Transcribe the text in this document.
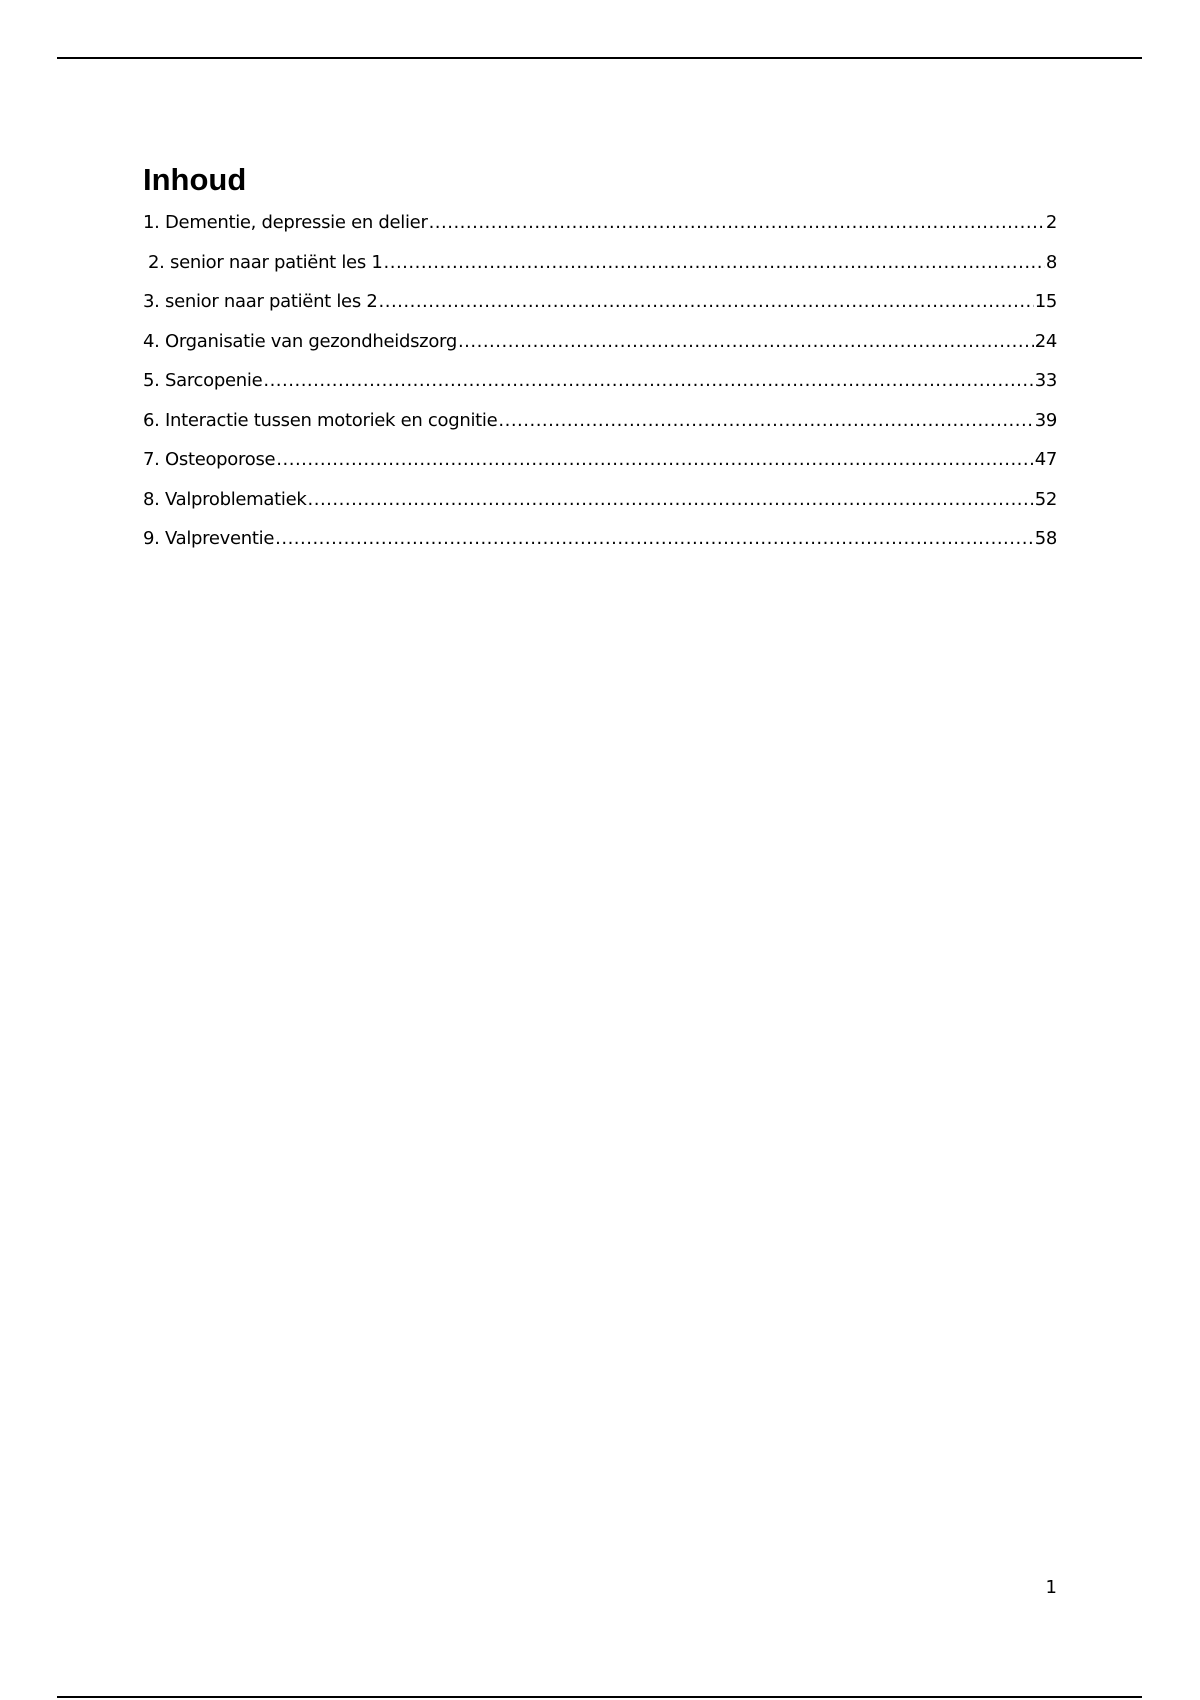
Inhoud
1. Dementie, depressie en delier .....	2
2. senior naar patiënt les 1 .....	8
3. senior naar patiënt les 2 .....	15
4. Organisatie van gezondheidszorg .....	24
5. Sarcopenie .....	33
6. Interactie tussen motoriek en cognitie .....	39
7. Osteoporose .....	47
8. Valproblematiek .....	52
9. Valpreventie .....	58
1
